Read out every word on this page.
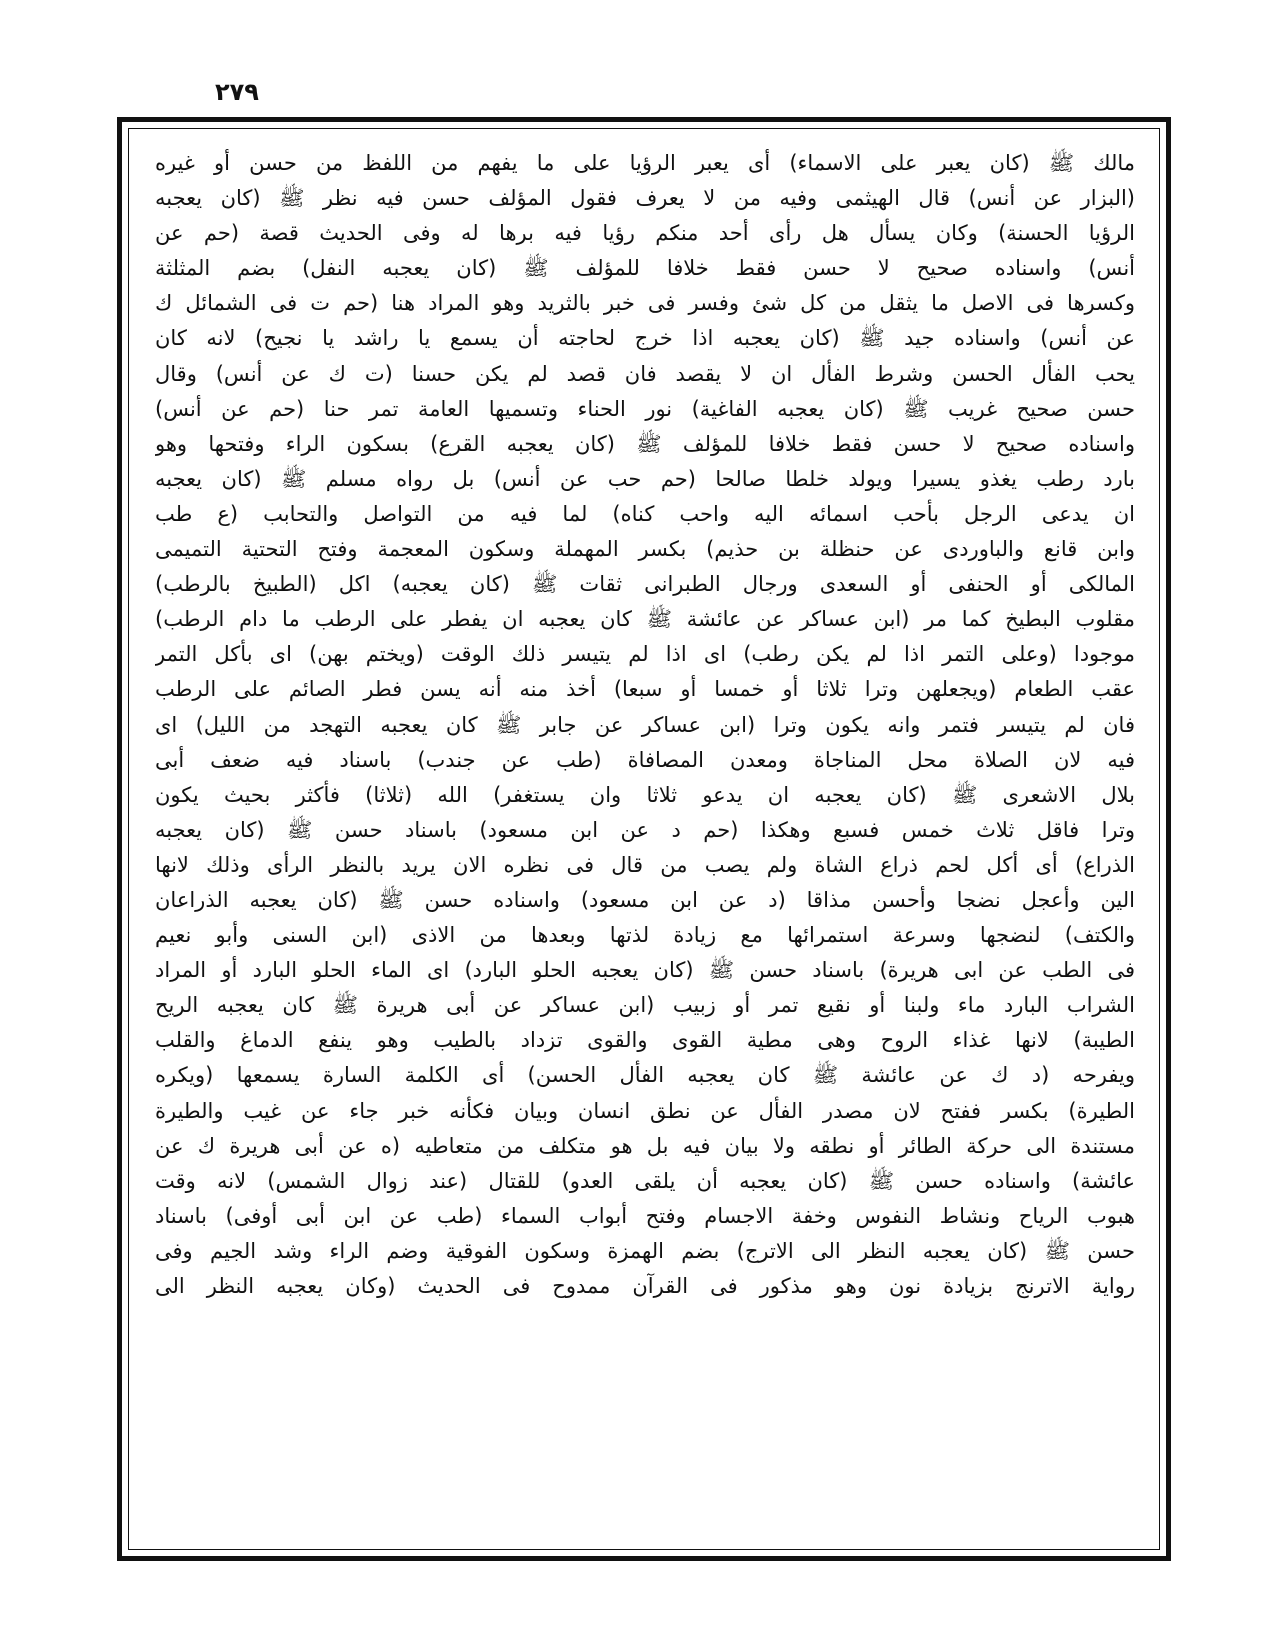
٢٧٩
مالك ﷺ (كان يعبر على الاسماء) أى يعبر الرؤيا على ما يفهم من اللفظ من حسن أو غيره
(البزار عن أنس) قال الهيثمى وفيه من لا يعرف فقول المؤلف حسن فيه نظر ﷺ (كان يعجبه
الرؤيا الحسنة) وكان يسأل هل رأى أحد منكم رؤيا فيه برها له وفى الحديث قصة (حم عن
أنس) واسناده صحيح لا حسن فقط خلافا للمؤلف ﷺ (كان يعجبه النفل) بضم المثلثة
وكسرها فى الاصل ما يثقل من كل شئ وفسر فى خبر بالثريد وهو المراد هنا (حم ت فى الشمائل ك
عن أنس) واسناده جيد ﷺ (كان يعجبه اذا خرج لحاجته أن يسمع يا راشد يا نجيح) لانه كان
يحب الفأل الحسن وشرط الفأل ان لا يقصد فان قصد لم يكن حسنا (ت ك عن أنس) وقال
حسن صحيح غريب ﷺ (كان يعجبه الفاغية) نور الحناء وتسميها العامة تمر حنا (حم عن أنس)
واسناده صحيح لا حسن فقط خلافا للمؤلف ﷺ (كان يعجبه القرع) بسكون الراء وفتحها وهو
بارد رطب يغذو يسيرا ويولد خلطا صالحا (حم حب عن أنس) بل رواه مسلم ﷺ (كان يعجبه
ان يدعى الرجل بأحب اسمائه اليه واحب كناه) لما فيه من التواصل والتحابب (ع طب
وابن قانع والباوردى عن حنظلة بن حذيم) بكسر المهملة وسكون المعجمة وفتح التحتية التميمى
المالكى أو الحنفى أو السعدى ورجال الطبرانى ثقات ﷺ (كان يعجبه) اكل (الطبيخ بالرطب)
مقلوب البطيخ كما مر (ابن عساكر عن عائشة ﷺ كان يعجبه ان يفطر على الرطب ما دام الرطب)
موجودا (وعلى التمر اذا لم يكن رطب) اى اذا لم يتيسر ذلك الوقت (ويختم بهن) اى بأكل التمر
عقب الطعام (ويجعلهن وترا ثلاثا أو خمسا أو سبعا) أخذ منه أنه يسن فطر الصائم على الرطب
فان لم يتيسر فتمر وانه يكون وترا (ابن عساكر عن جابر ﷺ كان يعجبه التهجد من الليل) اى
فيه لان الصلاة محل المناجاة ومعدن المصافاة (طب عن جندب) باسناد فيه ضعف أبى
بلال الاشعرى ﷺ (كان يعجبه ان يدعو ثلاثا وان يستغفر) الله (ثلاثا) فأكثر بحيث يكون
وترا فاقل ثلاث خمس فسبع وهكذا (حم د عن ابن مسعود) باسناد حسن ﷺ (كان يعجبه
الذراع) أى أكل لحم ذراع الشاة ولم يصب من قال فى نظره الان يريد بالنظر الرأى وذلك لانها
الين وأعجل نضجا وأحسن مذاقا (د عن ابن مسعود) واسناده حسن ﷺ (كان يعجبه الذراعان
والكتف) لنضجها وسرعة استمرائها مع زيادة لذتها وبعدها من الاذى (ابن السنى وأبو نعيم
فى الطب عن ابى هريرة) باسناد حسن ﷺ (كان يعجبه الحلو البارد) اى الماء الحلو البارد أو المراد
الشراب البارد ماء ولبنا أو نقيع تمر أو زبيب (ابن عساكر عن أبى هريرة ﷺ كان يعجبه الريح
الطيبة) لانها غذاء الروح وهى مطية القوى والقوى تزداد بالطيب وهو ينفع الدماغ والقلب
ويفرحه (د ك عن عائشة ﷺ كان يعجبه الفأل الحسن) أى الكلمة السارة يسمعها (ويكره
الطيرة) بكسر ففتح لان مصدر الفأل عن نطق انسان وبيان فكأنه خبر جاء عن غيب والطيرة
مستندة الى حركة الطائر أو نطقه ولا بيان فيه بل هو متكلف من متعاطيه (ه عن أبى هريرة ك عن
عائشة) واسناده حسن ﷺ (كان يعجبه أن يلقى العدو) للقتال (عند زوال الشمس) لانه وقت
هبوب الرياح ونشاط النفوس وخفة الاجسام وفتح أبواب السماء (طب عن ابن أبى أوفى) باسناد
حسن ﷺ (كان يعجبه النظر الى الاترج) بضم الهمزة وسكون الفوقية وضم الراء وشد الجيم وفى
رواية الاترنج بزيادة نون وهو مذكور فى القرآن ممدوح فى الحديث (وكان يعجبه النظر الى
